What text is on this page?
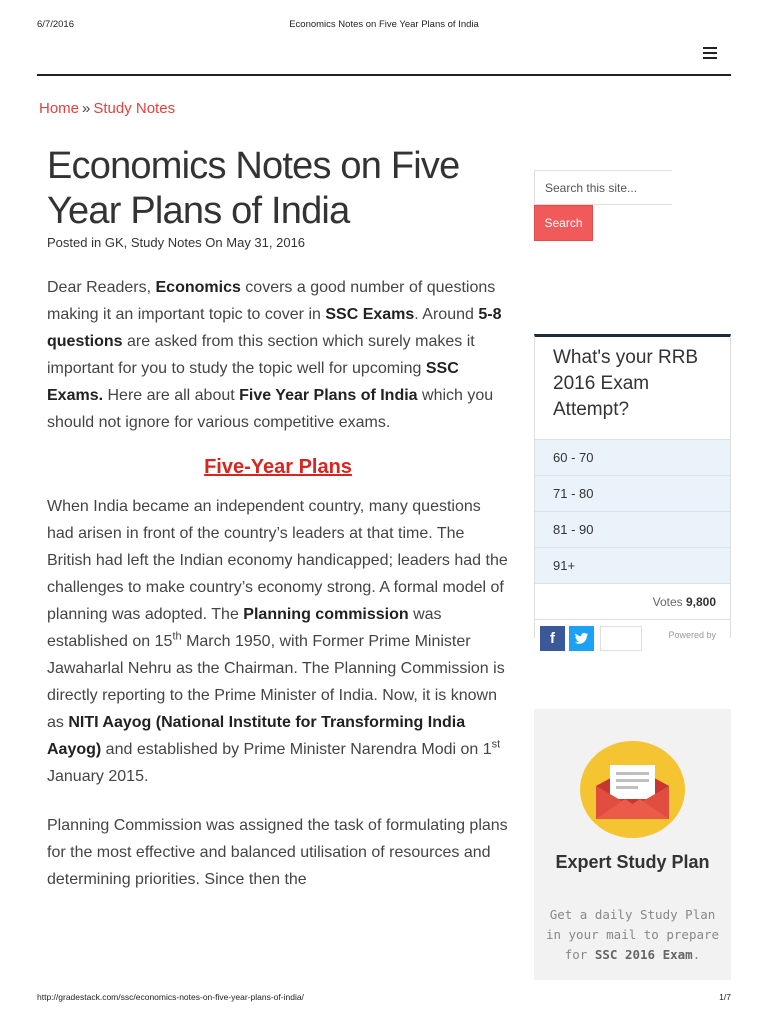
6/7/2016	Economics Notes on Five Year Plans of India
Home » Study Notes
Economics Notes on Five Year Plans of India
Posted in GK, Study Notes On May 31, 2016

Dear Readers, Economics covers a good number of questions making it an important topic to cover in SSC Exams. Around 5-8 questions are asked from this section which surely makes it important for you to study the topic well for upcoming SSC Exams. Here are all about Five Year Plans of India which you should not ignore for various competitive exams.

Five-Year Plans

When India became an independent country, many questions had arisen in front of the country’s leaders at that time. The British had left the Indian economy handicapped; leaders had the challenges to make country’s economy strong. A formal model of planning was adopted. The Planning commission was established on 15th March 1950, with Former Prime Minister Jawaharlal Nehru as the Chairman. The Planning Commission is directly reporting to the Prime Minister of India. Now, it is known as NITI Aayog (National Institute for Transforming India Aayog) and established by Prime Minister Narendra Modi on 1st January 2015.

Planning Commission was assigned the task of formulating plans for the most effective and balanced utilisation of resources and determining priorities. Since then the

Search this site...
Search
What's your RRB 2016 Exam Attempt?
60 - 70
71 - 80
81 - 90
91+
Votes 9,800
f	Powered by
Expert Study Plan
Get a daily Study Plan in your mail to prepare for SSC 2016 Exam.
http://gradestack.com/ssc/economics-notes-on-five-year-plans-of-india/	1/7
